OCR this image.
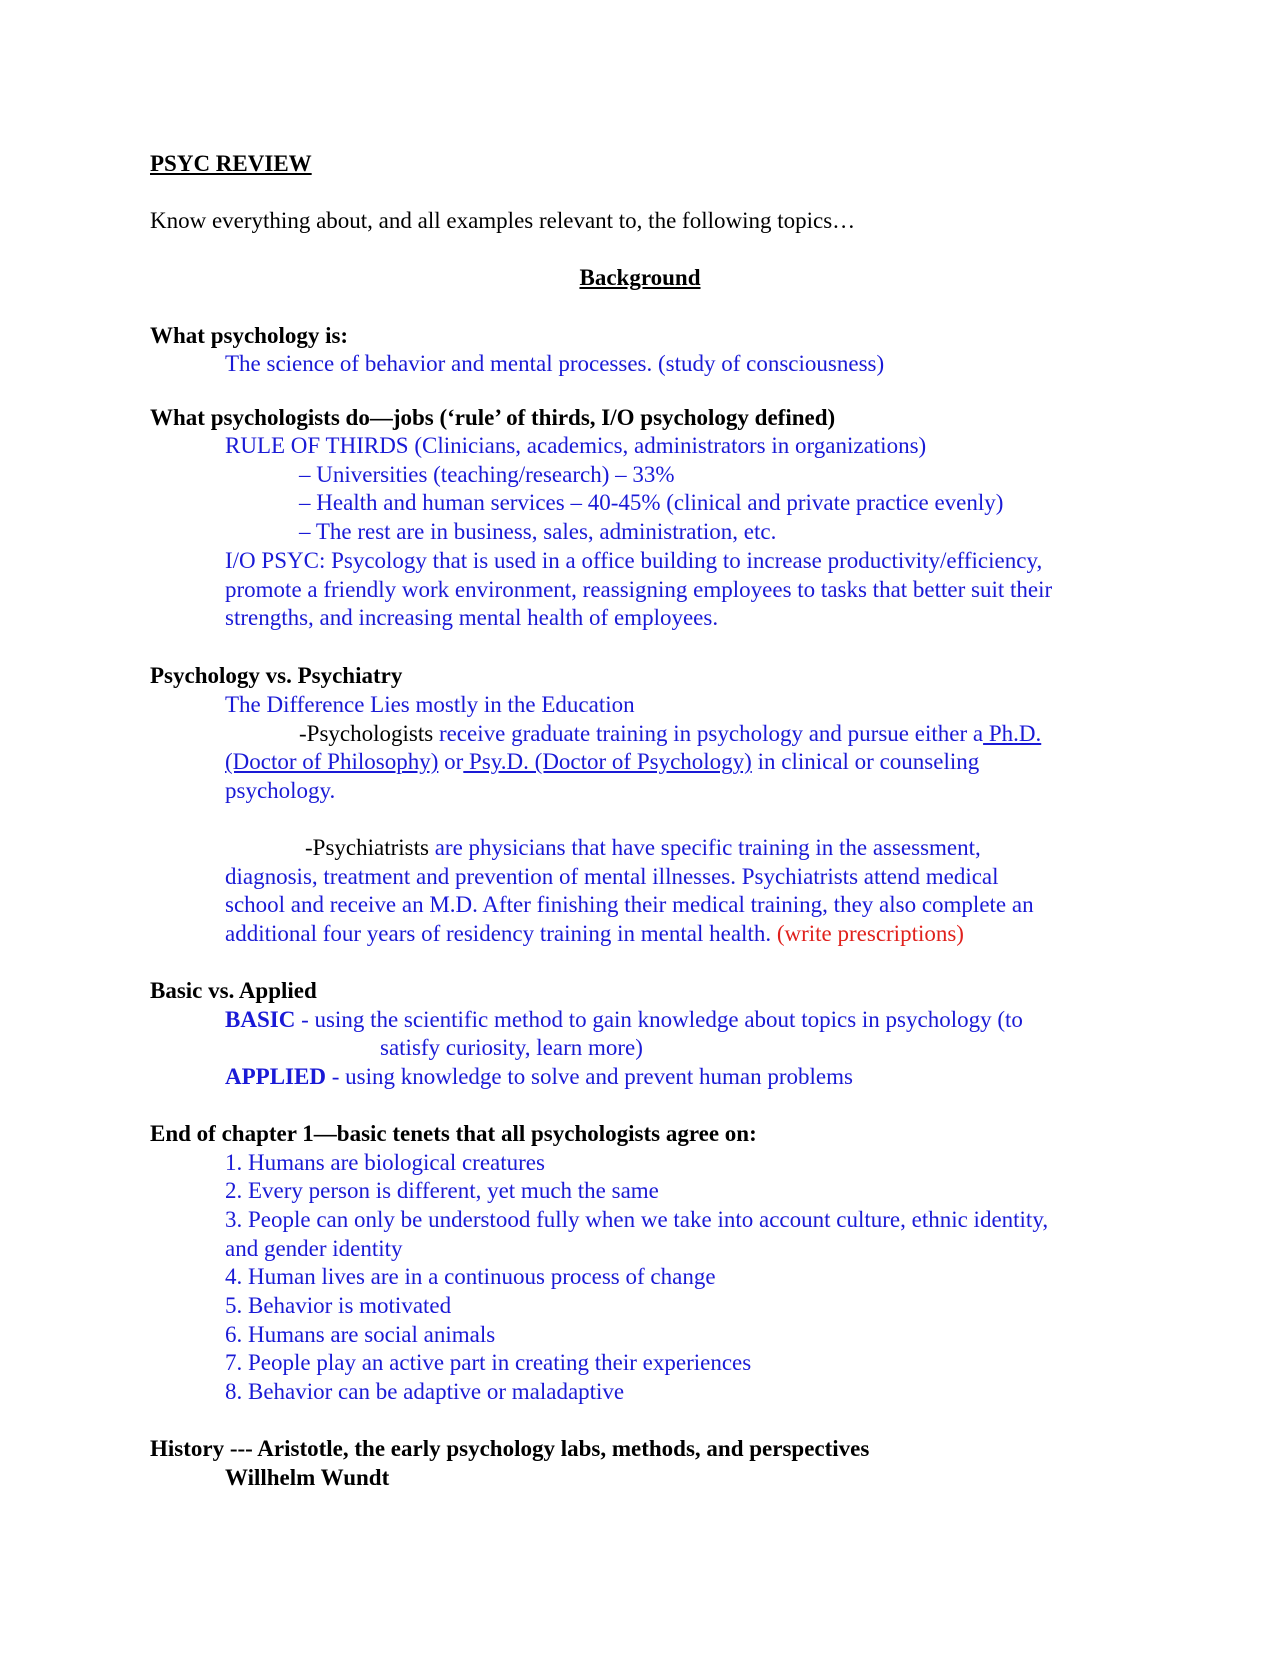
PSYC REVIEW
Know everything about, and all examples relevant to, the following topics…
Background
What psychology is:
The science of behavior and mental processes. (study of consciousness)
What psychologists do—jobs (‘rule’ of thirds, I/O psychology defined)
RULE OF THIRDS (Clinicians, academics, administrators in organizations)
– Universities (teaching/research) – 33%
– Health and human services – 40-45% (clinical and private practice evenly)
– The rest are in business, sales, administration, etc.
I/O PSYC: Psycology that is used in a office building to increase productivity/efficiency,
promote a friendly work environment, reassigning employees to tasks that better suit their
strengths, and increasing mental health of employees.
Psychology vs. Psychiatry
The Difference Lies mostly in the Education
-Psychologists receive graduate training in psychology and pursue either a Ph.D.
(Doctor of Philosophy) or Psy.D. (Doctor of Psychology) in clinical or counseling
psychology.
-Psychiatrists are physicians that have specific training in the assessment,
diagnosis, treatment and prevention of mental illnesses. Psychiatrists attend medical
school and receive an M.D. After finishing their medical training, they also complete an
additional four years of residency training in mental health. (write prescriptions)
Basic vs. Applied
BASIC - using the scientific method to gain knowledge about topics in psychology (to
satisfy curiosity, learn more)
APPLIED - using knowledge to solve and prevent human problems
End of chapter 1—basic tenets that all psychologists agree on:
1. Humans are biological creatures
2. Every person is different, yet much the same
3. People can only be understood fully when we take into account culture, ethnic identity,
and gender identity
4. Human lives are in a continuous process of change
5. Behavior is motivated
6. Humans are social animals
7. People play an active part in creating their experiences
8. Behavior can be adaptive or maladaptive
History --- Aristotle, the early psychology labs, methods, and perspectives
Willhelm Wundt
